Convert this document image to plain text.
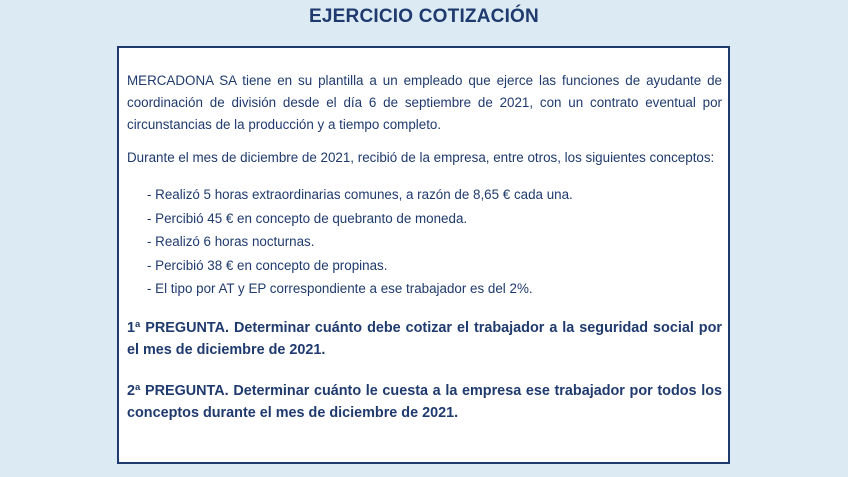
EJERCICIO COTIZACIÓN

MERCADONA SA tiene en su plantilla a un empleado que ejerce las funciones de ayudante de coordinación de división desde el día 6 de septiembre de 2021, con un contrato eventual por circunstancias de la producción y a tiempo completo.

Durante el mes de diciembre de 2021, recibió de la empresa, entre otros, los siguientes conceptos:

- Realizó 5 horas extraordinarias comunes, a razón de 8,65 € cada una.
- Percibió 45 € en concepto de quebranto de moneda.
- Realizó 6 horas nocturnas.
- Percibió 38 € en concepto de propinas.
- El tipo por AT y EP correspondiente a ese trabajador es del 2%.

1ª PREGUNTA. Determinar cuánto debe cotizar el trabajador a la seguridad social por el mes de diciembre de 2021.

2ª PREGUNTA. Determinar cuánto le cuesta a la empresa ese trabajador por todos los conceptos durante el mes de diciembre de 2021.
